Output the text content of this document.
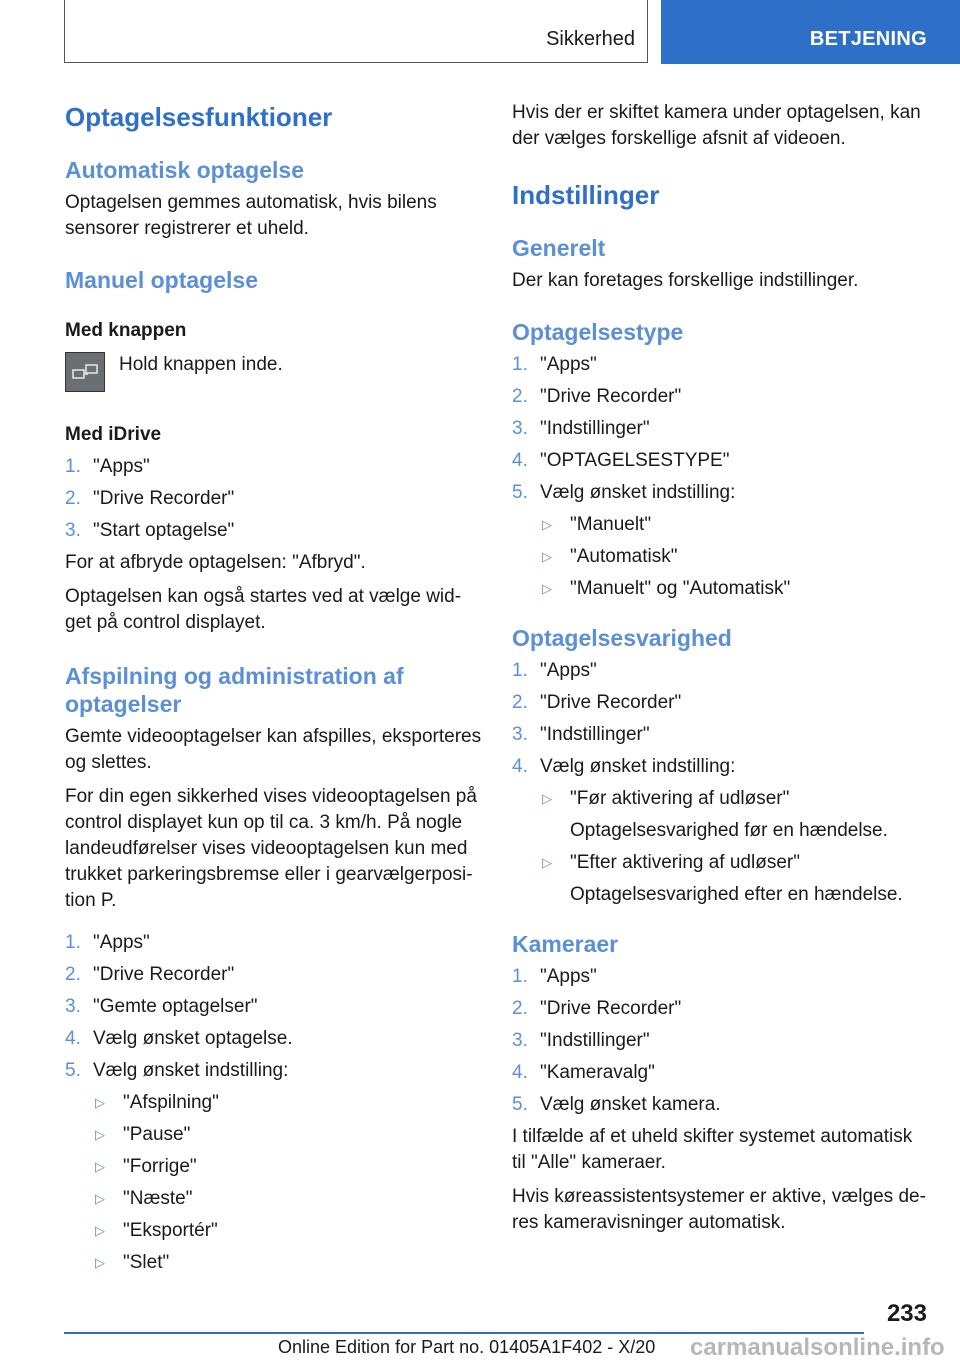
Sikkerhed	BETJENING
Optagelsesfunktioner
Automatisk optagelse

Optagelsen gemmes automatisk, hvis bilens sensorer registrerer et uheld.

Manuel optagelse
Med knappen

Hold knappen inde.

Med iDrive
1. "Apps"
2. "Drive Recorder"
3. "Start optagelse"

For at afbryde optagelsen: "Afbryd".

Optagelsen kan også startes ved at vælge wid-get på control displayet.

Afspilning og administration af optagelser

Gemte videooptagelser kan afspilles, eksporteres og slettes.

For din egen sikkerhed vises videooptagelsen på control displayet kun op til ca. 3 km/h. På nogle landeudførelser vises videooptagelsen kun med trukket parkeringsbremse eller i gearvælgerposi-tion P.

1. "Apps"
2. "Drive Recorder"
3. "Gemte optagelser"
4. Vælg ønsket optagelse.
5. Vælg ønsket indstilling:
▷ "Afspilning"
▷ "Pause"
▷ "Forrige"
▷ "Næste"
▷ "Eksportér"
▷ "Slet"

Hvis der er skiftet kamera under optagelsen, kan der vælges forskellige afsnit af videoen.

Indstillinger
Generelt

Der kan foretages forskellige indstillinger.

Optagelsestype
1. "Apps"
2. "Drive Recorder"
3. "Indstillinger"
4. "OPTAGELSESTYPE"
5. Vælg ønsket indstilling:
▷ "Manuelt"
▷ "Automatisk"
▷ "Manuelt" og "Automatisk"
Optagelsesvarighed
1. "Apps"
2. "Drive Recorder"
3. "Indstillinger"
4. Vælg ønsket indstilling:
▷ "Før aktivering af udløser"
Optagelsesvarighed før en hændelse.
▷ "Efter aktivering af udløser"
Optagelsesvarighed efter en hændelse.
Kameraer
1. "Apps"
2. "Drive Recorder"
3. "Indstillinger"
4. "Kameravalg"
5. Vælg ønsket kamera.

I tilfælde af et uheld skifter systemet automatisk til "Alle" kameraer.

Hvis køreassistentsystemer er aktive, vælges de-res kameravisninger automatisk.

233
Online Edition for Part no. 01405A1F402 - X/20 carmanualsonline.info
